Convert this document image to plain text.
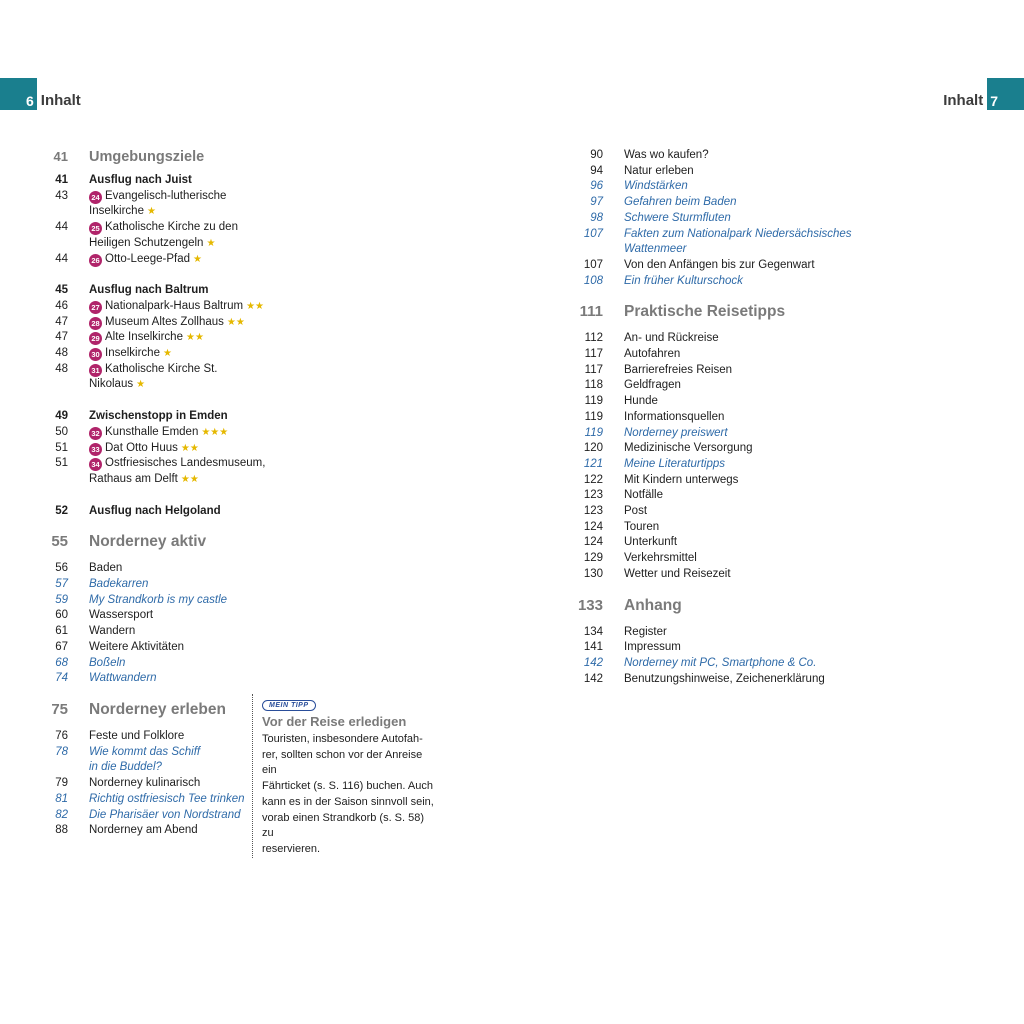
6 Inhalt	Inhalt 7
41	Umgebungsziele
41	Ausflug nach Juist
43	24 Evangelisch-lutherische
Inselkirche ★
44	25 Katholische Kirche zu den
Heiligen Schutzengeln ★
44	26 Otto-Leege-Pfad ★
45	Ausflug nach Baltrum
46	27 Nationalpark-Haus Baltrum ★★
47	28 Museum Altes Zollhaus ★★
47	29 Alte Inselkirche ★★
48	30 Inselkirche ★
48	31 Katholische Kirche St. Nikolaus ★
49	Zwischenstopp in Emden
50	32 Kunsthalle Emden ★★★
51	33 Dat Otto Huus ★★
51	34 Ostfriesisches Landesmuseum,
Rathaus am Delft ★★
52	Ausflug nach Helgoland
55	Norderney aktiv
56	Baden
57	Badekarren
59	My Strandkorb is my castle
60	Wassersport
61	Wandern
67	Weitere Aktivitäten
68	Boßeln
74	Wattwandern
75	Norderney erleben
76	Feste und Folklore
78	Wie kommt das Schiff
in die Buddel?
79	Norderney kulinarisch
81	Richtig ostfriesisch Tee trinken
82	Die Pharisäer von Nordstrand
88	Norderney am Abend
90	Was wo kaufen?
94	Natur erleben
96	Windstärken
97	Gefahren beim Baden
98	Schwere Sturmfluten
107	Fakten zum Nationalpark Niedersächsisches Wattenmeer
107	Von den Anfängen bis zur Gegenwart
108	Ein früher Kulturschock
111	Praktische Reisetipps
112	An- und Rückreise
117	Autofahren
117	Barrierefreies Reisen
118	Geldfragen
119	Hunde
119	Informationsquellen
119	Norderney preiswert
120	Medizinische Versorgung
121	Meine Literaturtipps
122	Mit Kindern unterwegs
123	Notfälle
123	Post
124	Touren
124	Unterkunft
129	Verkehrsmittel
130	Wetter und Reisezeit
133	Anhang
134	Register
141	Impressum
142	Norderney mit PC, Smartphone & Co.
142	Benutzungshinweise, Zeichenerklärung
MEIN TIPP
Vor der Reise erledigen
Touristen, insbesondere Autofah-
rer, sollten schon vor der Anreise ein
Fährticket (s. S. 116) buchen. Auch
kann es in der Saison sinnvoll sein,
vorab einen Strandkorb (s. S. 58) zu
reservieren.
